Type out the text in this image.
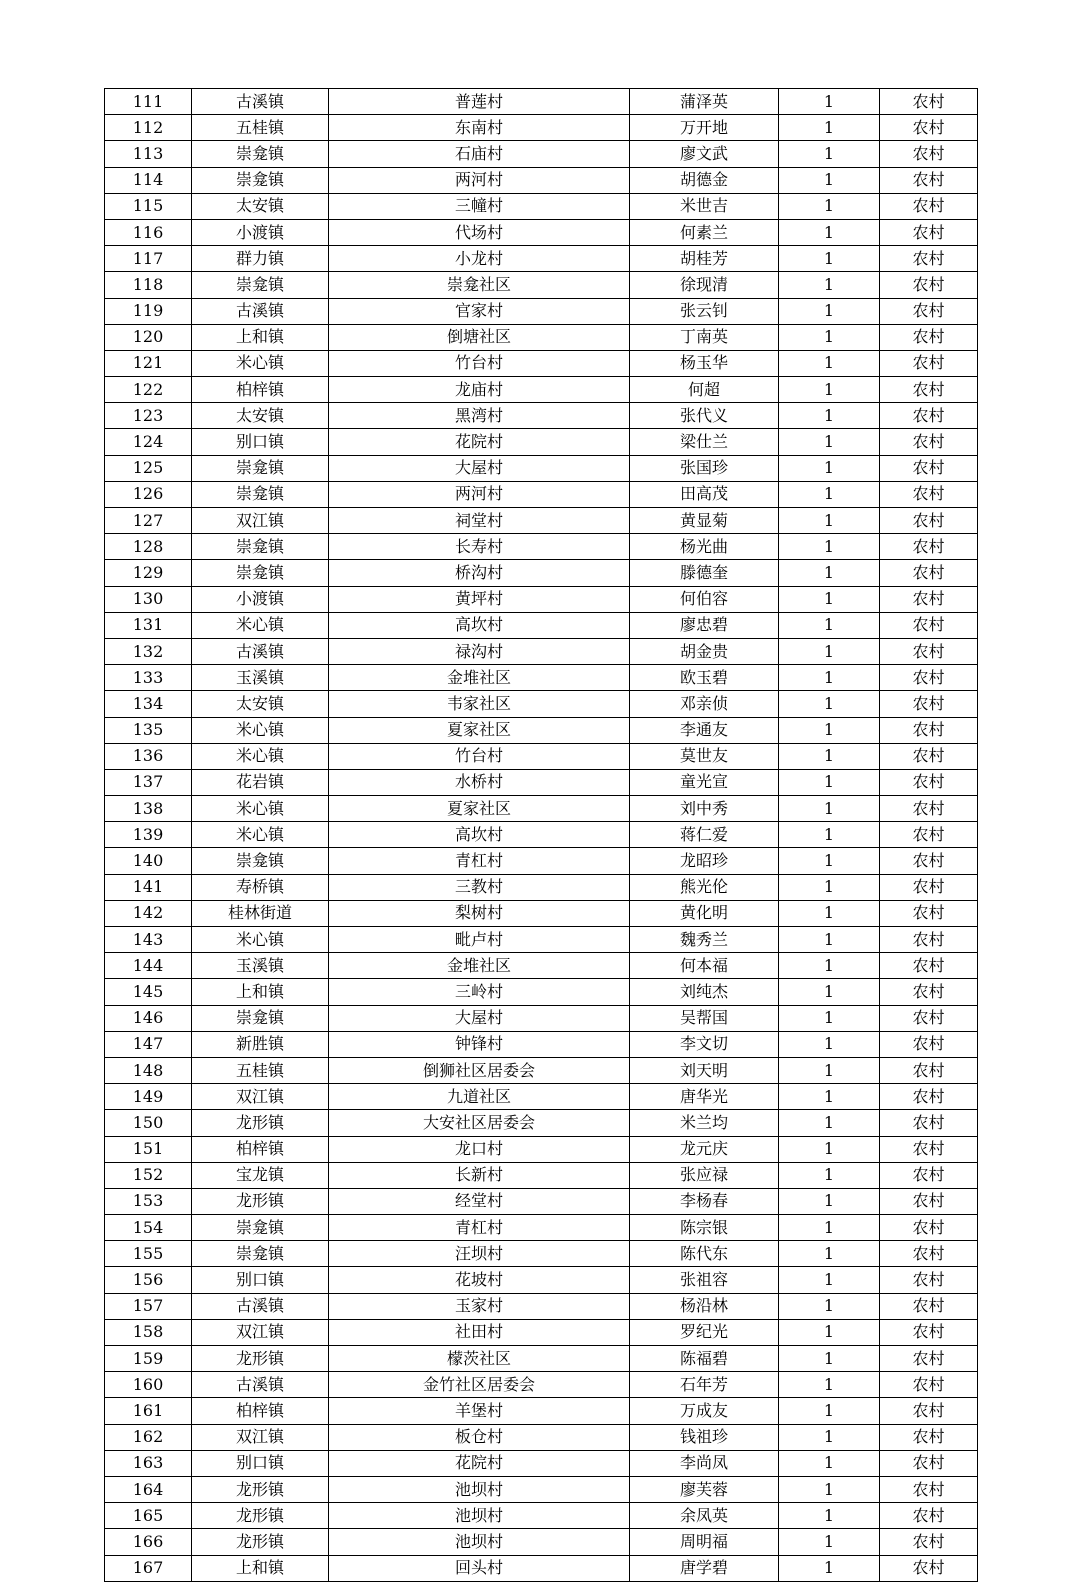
111	古溪镇	普莲村	蒲泽英	1	农村
112	五桂镇	东南村	万开地	1	农村
113	崇龛镇	石庙村	廖文武	1	农村
114	崇龛镇	两河村	胡德金	1	农村
115	太安镇	三幢村	米世吉	1	农村
116	小渡镇	代场村	何素兰	1	农村
117	群力镇	小龙村	胡桂芳	1	农村
118	崇龛镇	崇龛社区	徐现清	1	农村
119	古溪镇	官家村	张云钊	1	农村
120	上和镇	倒塘社区	丁南英	1	农村
121	米心镇	竹台村	杨玉华	1	农村
122	柏梓镇	龙庙村	何超	1	农村
123	太安镇	黑湾村	张代义	1	农村
124	别口镇	花院村	梁仕兰	1	农村
125	崇龛镇	大屋村	张国珍	1	农村
126	崇龛镇	两河村	田高茂	1	农村
127	双江镇	祠堂村	黄显菊	1	农村
128	崇龛镇	长寿村	杨光曲	1	农村
129	崇龛镇	桥沟村	滕德奎	1	农村
130	小渡镇	黄坪村	何伯容	1	农村
131	米心镇	高坎村	廖忠碧	1	农村
132	古溪镇	禄沟村	胡金贵	1	农村
133	玉溪镇	金堆社区	欧玉碧	1	农村
134	太安镇	韦家社区	邓亲侦	1	农村
135	米心镇	夏家社区	李通友	1	农村
136	米心镇	竹台村	莫世友	1	农村
137	花岩镇	水桥村	童光宣	1	农村
138	米心镇	夏家社区	刘中秀	1	农村
139	米心镇	高坎村	蒋仁爱	1	农村
140	崇龛镇	青杠村	龙昭珍	1	农村
141	寿桥镇	三教村	熊光伦	1	农村
142	桂林街道	梨树村	黄化明	1	农村
143	米心镇	毗卢村	魏秀兰	1	农村
144	玉溪镇	金堆社区	何本福	1	农村
145	上和镇	三岭村	刘纯杰	1	农村
146	崇龛镇	大屋村	吴帮国	1	农村
147	新胜镇	钟锋村	李文切	1	农村
148	五桂镇	倒狮社区居委会	刘天明	1	农村
149	双江镇	九道社区	唐华光	1	农村
150	龙形镇	大安社区居委会	米兰均	1	农村
151	柏梓镇	龙口村	龙元庆	1	农村
152	宝龙镇	长新村	张应禄	1	农村
153	龙形镇	经堂村	李杨春	1	农村
154	崇龛镇	青杠村	陈宗银	1	农村
155	崇龛镇	汪坝村	陈代东	1	农村
156	别口镇	花坡村	张祖容	1	农村
157	古溪镇	玉家村	杨沿林	1	农村
158	双江镇	社田村	罗纪光	1	农村
159	龙形镇	檬茨社区	陈福碧	1	农村
160	古溪镇	金竹社区居委会	石年芳	1	农村
161	柏梓镇	羊堡村	万成友	1	农村
162	双江镇	板仓村	钱祖珍	1	农村
163	别口镇	花院村	李尚凤	1	农村
164	龙形镇	池坝村	廖芙蓉	1	农村
165	龙形镇	池坝村	余凤英	1	农村
166	龙形镇	池坝村	周明福	1	农村
167	上和镇	回头村	唐学碧	1	农村
